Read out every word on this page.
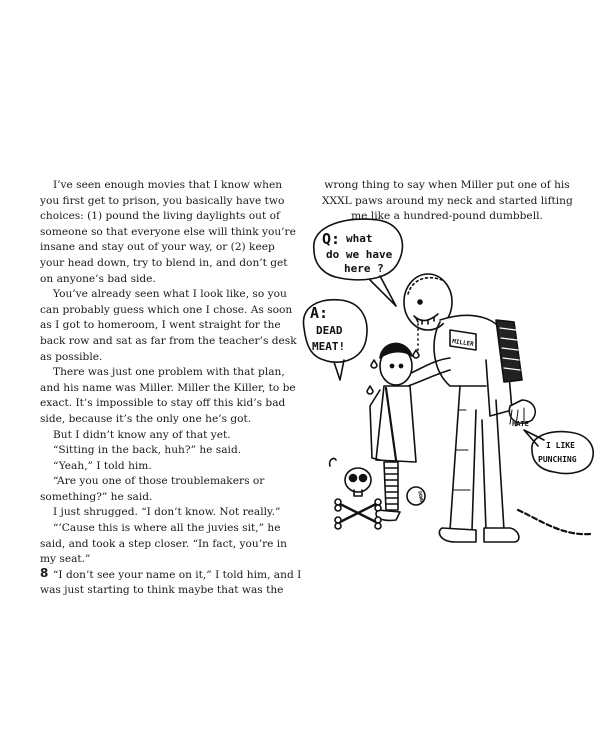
I’ve seen enough movies that I know when you first get to prison, you basically have two choices: (1) pound the living daylights out of someone so that everyone else will think you’re insane and stay out of your way, or (2) keep your head down, try to blend in, and don’t get on anyone’s bad side.

You’ve already seen what I look like, so you can probably guess which one I chose. As soon as I got to homeroom, I went straight for the back row and sat as far from the teacher’s desk as possible.

There was just one problem with that plan, and his name was Miller. Miller the Killer, to be exact. It’s impossible to stay off this kid’s bad side, because it’s the only one he’s got.

But I didn’t know any of that yet.

“Sitting in the back, huh?” he said.

“Yeah,” I told him.

“Are you one of those troublemakers or something?” he said.

I just shrugged. “I don’t know. Not really.”

“’Cause this is where all the juvies sit,” he said, and took a step closer. “In fact, you’re in my seat.”

“I don’t see your name on it,” I told him, and I was just starting to think maybe that was the

8
wrong thing to say when Miller put one of his
XXXL paws around my neck and started lifting
me like a hundred-pound dumbbell.
Q: what
do we have
here ?
A:
DEAD
MEAT!
I LIKE
PUNCHING
MILLER
HATE
DOWN
